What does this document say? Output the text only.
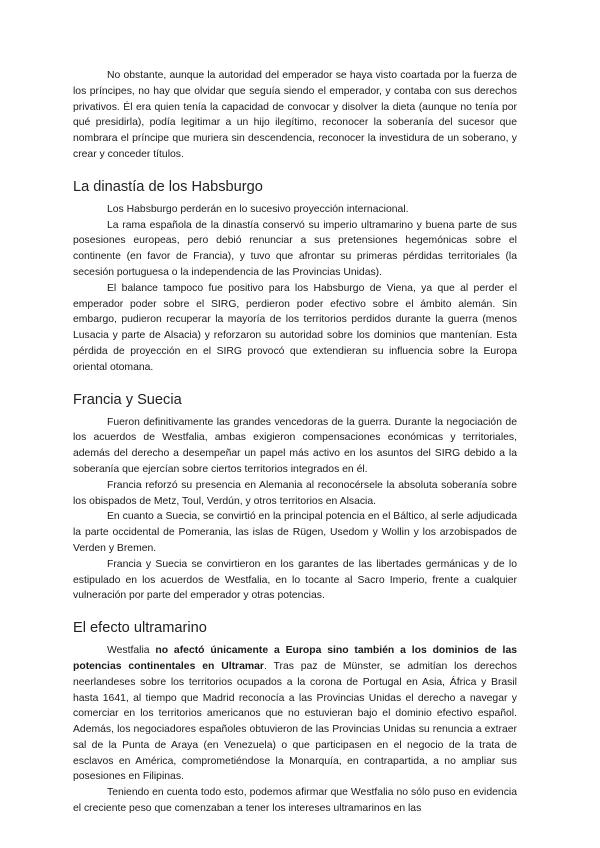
No obstante, aunque la autoridad del emperador se haya visto coartada por la fuerza de los príncipes, no hay que olvidar que seguía siendo el emperador, y contaba con sus derechos privativos. Él era quien tenía la capacidad de convocar y disolver la dieta (aunque no tenía por qué presidirla), podía legitimar a un hijo ilegítimo, reconocer la soberanía del sucesor que nombrara el príncipe que muriera sin descendencia, reconocer la investidura de un soberano, y crear y conceder títulos.

La dinastía de los Habsburgo

Los Habsburgo perderán en lo sucesivo proyección internacional.

La rama española de la dinastía conservó su imperio ultramarino y buena parte de sus posesiones europeas, pero debió renunciar a sus pretensiones hegemónicas sobre el continente (en favor de Francia), y tuvo que afrontar su primeras pérdidas territoriales (la secesión portuguesa o la independencia de las Provincias Unidas).

El balance tampoco fue positivo para los Habsburgo de Viena, ya que al perder el emperador poder sobre el SIRG, perdieron poder efectivo sobre el ámbito alemán. Sin embargo, pudieron recuperar la mayoría de los territorios perdidos durante la guerra (menos Lusacia y parte de Alsacia) y reforzaron su autoridad sobre los dominios que mantenían. Esta pérdida de proyección en el SIRG provocó que extendieran su influencia sobre la Europa oriental otomana.

Francia y Suecia

Fueron definitivamente las grandes vencedoras de la guerra. Durante la negociación de los acuerdos de Westfalia, ambas exigieron compensaciones económicas y territoriales, además del derecho a desempeñar un papel más activo en los asuntos del SIRG debido a la soberanía que ejercían sobre ciertos territorios integrados en él.

Francia reforzó su presencia en Alemania al reconocérsele la absoluta soberanía sobre los obispados de Metz, Toul, Verdún, y otros territorios en Alsacia.

En cuanto a Suecia, se convirtió en la principal potencia en el Báltico, al serle adjudicada la parte occidental de Pomerania, las islas de Rügen, Usedom y Wollin y los arzobispados de Verden y Bremen.

Francia y Suecia se convirtieron en los garantes de las libertades germánicas y de lo estipulado en los acuerdos de Westfalia, en lo tocante al Sacro Imperio, frente a cualquier vulneración por parte del emperador y otras potencias.

El efecto ultramarino

Westfalia no afectó únicamente a Europa sino también a los dominios de las potencias continentales en Ultramar. Tras paz de Münster, se admitían los derechos neerlandeses sobre los territorios ocupados a la corona de Portugal en Asia, África y Brasil hasta 1641, al tiempo que Madrid reconocía a las Provincias Unidas el derecho a navegar y comerciar en los territorios americanos que no estuvieran bajo el dominio efectivo español. Además, los negociadores españoles obtuvieron de las Provincias Unidas su renuncia a extraer sal de la Punta de Araya (en Venezuela) o que participasen en el negocio de la trata de esclavos en América, comprometiéndose la Monarquía, en contrapartida, a no ampliar sus posesiones en Filipinas.

Teniendo en cuenta todo esto, podemos afirmar que Westfalia no sólo puso en evidencia el creciente peso que comenzaban a tener los intereses ultramarinos en las
